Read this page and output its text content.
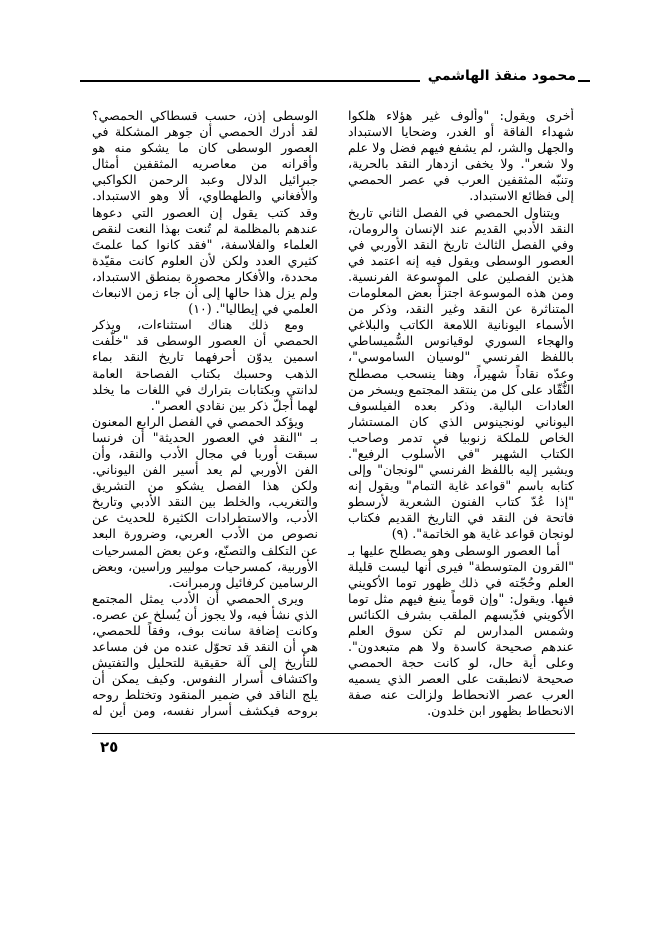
محمود منقذ الهاشمي

أخرى ويقول: "وألوف غير هؤلاء هلكوا شهداء الفاقة أو الغدر، وضحايا الاستبداد والجهل والشر، لم يشفع فيهم فضل ولا علم ولا شعر". ولا يخفى ازدهار النقد بالحرية، وتنبّه المثقفين العرب في عصر الحمصي إلى فظائع الاستبداد.

ويتناول الحمصي في الفصل الثاني تاريخ النقد الأدبي القديم عند الإنسان والرومان، وفي الفصل الثالث تاريخ النقد الأوربي في العصور الوسطى ويقول فيه إنه اعتمد في هذين الفصلين على الموسوعة الفرنسية. ومن هذه الموسوعة اجتزأ بعض المعلومات المتناثرة عن النقد وغير النقد، وذكر من الأسماء اليونانية اللامعة الكاتب والبلاغي والهجاء السوري لوقيانوس السُّميساطي باللفظ الفرنسي "لوسيان الساموسي"، وعدّه نقاداً شهيراً، وهنا ينسحب مصطلح النُّقّاد على كل من ينتقد المجتمع ويسخر من العادات البالية. وذكر بعده الفيلسوف اليوناني لونجينوس الذي كان المستشار الخاص للملكة زنوبيا في تدمر وصاحب الكتاب الشهير "في الأسلوب الرفيع". ويشير إليه باللفظ الفرنسي "لونجان" وإلى كتابه باسم "قواعد غاية التمام" ويقول إنه "إذا عُدّ كتاب الفنون الشعرية لأرسطو فاتحة فن النقد في التاريخ القديم فكتاب لونجان قواعد غاية هو الخاتمة". (٩)

أما العصور الوسطى وهو يصطلح عليها بـ "القرون المتوسطة" فيرى أنها ليست قليلة العلم وحُجّته في ذلك ظهور توما الأكويني فيها. ويقول: "وإن قوماً ينبغ فيهم مثل توما الأكويني فدّيسهم الملقب بشرف الكنائس وشمس المدارس لم تكن سوق العلم عندهم صحيحة كاسدة ولا هم متبعدون". وعلى أية حال، لو كانت حجة الحمصي صحيحة لانطبقت على العصر الذي يسميه العرب عصر الانحطاط ولزالت عنه صفة الانحطاط بظهور ابن خلدون.

الوسطى إذن، حسب قسطاكي الحمصي؟ لقد أدرك الحمصي أن جوهر المشكلة في العصور الوسطى كان ما يشكو منه هو وأقرانه من معاصريه المثقفين أمثال جبرائيل الدلال وعبد الرحمن الكواكبي والأفغاني والطهطاوي، ألا وهو الاستبداد. وقد كتب يقول إن العصور التي دعوها عندهم بالمظلمة لم تُنعت بهذا النعت لنقص العلماء والفلاسفة، "فقد كانوا كما علمتَ كثيري العدد ولكن لأن العلوم كانت مقيّدة محددة، والأفكار محصورة بمنطق الاستبداد، ولم يزل هذا حالها إلى أن جاء زمن الانبعاث العلمي في إيطاليا". (١٠)

ومع ذلك هناك استثناءات، ويذكر الحمصي أن العصور الوسطى قد "خلّفت اسمين يدوّن أحرفهما تاريخ النقد بماء الذهب وحسبك بكتاب الفصاحة العامة لدانتي وبكتابات بترارك في اللغات ما يخلد لهما أجلّ ذكر بين نقادي العصر".

ويؤكد الحمصي في الفصل الرابع المعنون بـ "النقد في العصور الحديثة" أن فرنسا سبقت أوربا في مجال الأدب والنقد، وأن الفن الأوربي لم يعد أسير الفن اليوناني. ولكن هذا الفصل يشكو من التشريق والتغريب، والخلط بين النقد الأدبي وتاريخ الأدب، والاستطرادات الكثيرة للحديث عن نصوص من الأدب العربي، وضرورة البعد عن التكلف والتصنّع، وعن بعض المسرحيات الأوربية، كمسرحيات موليير وراسين، وبعض الرسامين كرفائيل ورمبرانت.

ويرى الحمصي أن الأدب يمثل المجتمع الذي نشأ فيه، ولا يجوز أن يُسلخ عن عصره. وكانت إضافة سانت بوف، وفقاً للحمصي، هي أن النقد قد تحوّل عنده من فن مساعد للتأريخ إلى آلة حقيقية للتحليل والتفتيش واكتشاف أسرار النفوس. وكيف يمكن أن يلج الناقد في ضمير المنقود وتختلط روحه بروحه فيكشف أسرار نفسه، ومن أين له

٢٥
